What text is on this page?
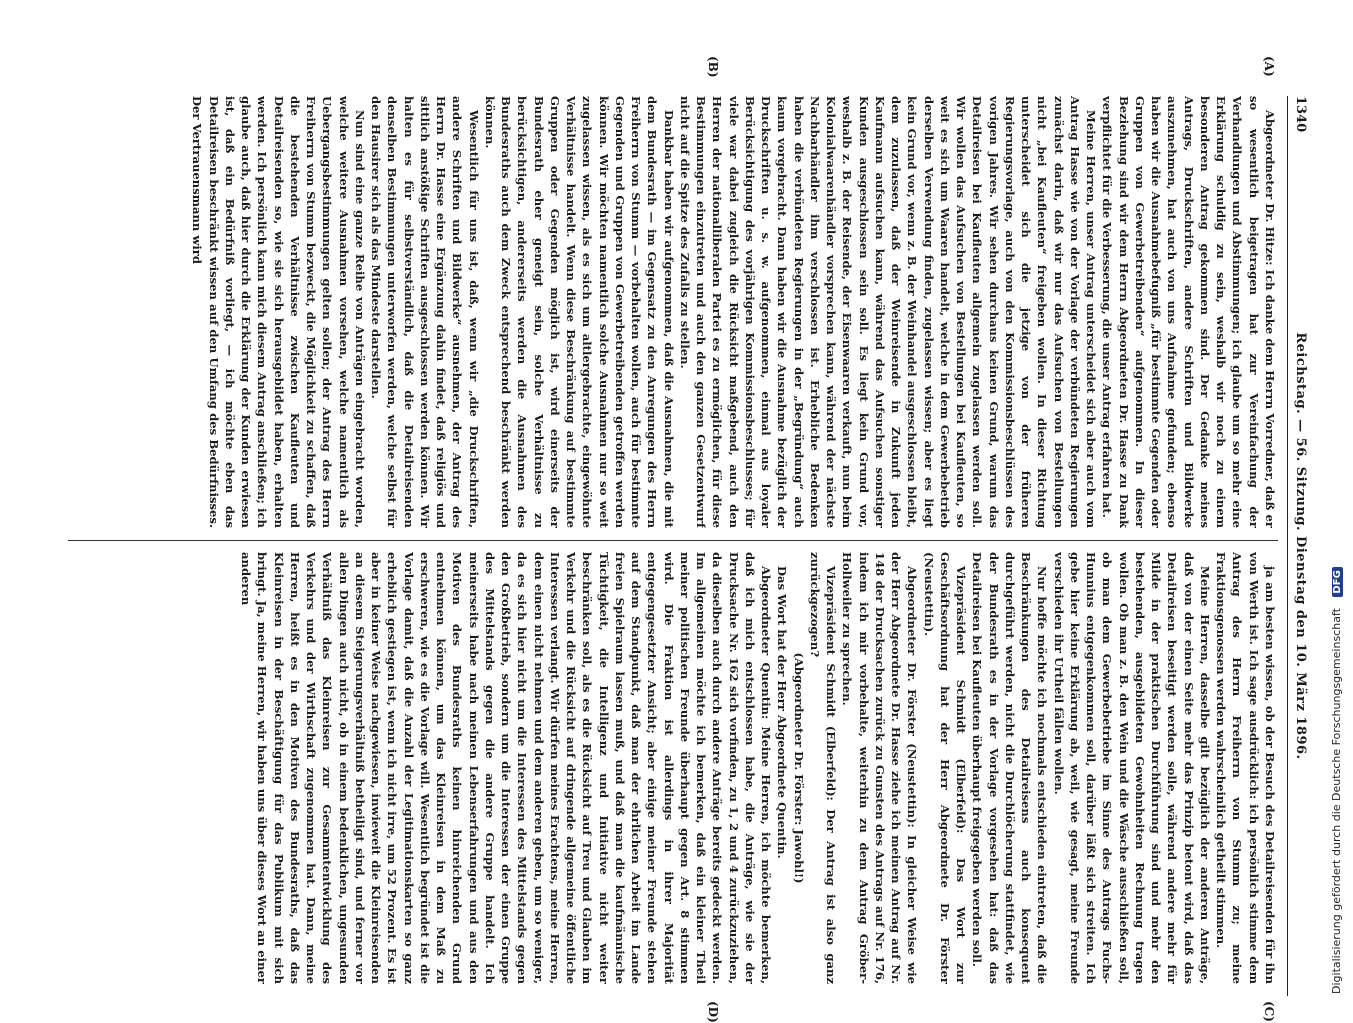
1340
Reichstag. — 56. Sitzung. Dienstag den 10. März 1896.
(A)
(B)
(C)
(D)

Abgeordneter Dr. Hitze: Ich danke dem Herrn Vorredner, daß er so wesentlich beigetragen hat zur Vereinfachung der Verhandlungen und Abstimmungen; ich glaube um so mehr eine Erklärung schuldig zu sein, weshalb wir noch zu einem besonderen Antrag gekommen sind. Der Gedanke meines Antrags, Druckschriften, andere Schriften und Bildwerke auszunehmen, hat auch von uns Aufnahme gefunden; ebenso haben wir die Ausnahmebefugniß „für bestimmte Gegenden oder Gruppen von Gewerbetreibenden“ aufgenommen. In dieser Beziehung sind wir dem Herrn Abgeordneten Dr. Hasse zu Dank verpflichtet für die Verbesserung, die unser Antrag erfahren hat.

Meine Herren, unser Antrag unterscheidet sich aber auch vom Antrag Hasse wie von der Vorlage der verbündeten Regierungen zunächst darin, daß wir nur das Aufsuchen von Bestellungen nicht „bei Kaufleuten“ freigeben wollen. In dieser Richtung unterscheidet sich die jetzige von der früheren Regierungsvorlage, auch von den Kommissionsbeschlüssen des vorigen Jahres. Wir sehen durchaus keinen Grund, warum das Detailreisen bei Kaufleuten allgemein zugelassen werden soll. Wir wollen das Aufsuchen von Bestellungen bei Kaufleuten, so weit es sich um Waaren handelt, welche in dem Gewerbebetrieb derselben Verwendung finden, zugelassen wissen; aber es liegt kein Grund vor, wenn z. B. der Weinhandel ausgeschlossen bleibt, dem zuzulassen, daß der Weinreisende in Zukunft jeden Kaufmann aufsuchen kann, während das Aufsuchen sonstiger Kunden ausgeschlossen sein soll. Es liegt kein Grund vor, weshalb z. B. der Reisende, der Eisenwaaren verkauft, nun beim Kolonialwaarenhändler vorsprechen kann, während der nächste Nachbarhändler ihm verschlossen ist. Erhebliche Bedenken haben die verbündeten Regierungen in der „Begründung“ auch kaum vorgebracht. Dann haben wir die Ausnahme bezüglich der Druckschriften u. s. w. aufgenommen, einmal aus loyaler Berücksichtigung des vorjährigen Kommissionsbeschlusses; für viele war dabei zugleich die Rücksicht maßgebend, auch den Herren der nationalliberalen Partei es zu ermöglichen, für diese Bestimmungen einzutreten und auch den ganzen Gesetzentwurf nicht auf die Spitze des Zufalls zu stellen.

Dankbar haben wir aufgenommen, daß die Ausnahmen, die mit dem Bundesrath — im Gegensatz zu den Anregungen des Herrn Freiherrn von Stumm — vorbehalten wollen, auch für bestimmte Gegenden und Gruppen von Gewerbetreibenden getroffen werden können. Wir möchten namentlich solche Ausnahmen nur so weit zugelassen wissen, als es sich um altlergebrachte, eingewöhnte Verhältnisse handelt. Wenn diese Beschränkung auf bestimmte Gruppen oder Gegenden möglich ist, wird einerseits der Bundesrath eher geneigt sein, solche Verhältnisse zu berücksichtigen, andererseits werden die Ausnahmen des Bundesraths auch dem Zweck entsprechend beschränkt werden können.

Wesentlich für uns ist, daß, wenn wir „die Druckschriften, andere Schriften und Bildwerke“ ausnehmen, der Antrag des Herrn Dr. Hasse eine Ergänzung dahin findet, daß religiös und sittlich anstößige Schriften ausgeschlossen werden können. Wir halten es für selbstverständlich, daß die Detailreisenden denselben Bestimmungen unterworfen werden, welche selbst für den Hausirer sich als das Mindeste darstellen.

Nun sind eine ganze Reihe von Anträgen eingebracht worden, welche weitere Ausnahmen vorsehen, welche namentlich als Uebergangsbestimmungen gelten sollen; der Antrag des Herrn Freiherrn von Stumm bezweckt, die Möglichkeit zu schaffen, daß die bestehenden Verhältnisse zwischen Kaufleuten und Detailreisenden so, wie sie sich herausgebildet haben, erhalten werden. Ich persönlich kann mich diesem Antrag anschließen; ich glaube auch, daß hier durch die Erklärung der Kunden erwiesen ist, daß ein Bedürfniß vorliegt, — ich möchte eben das Detailreisen beschränkt wissen auf den Umfang des Bedürfnisses. Der Vertrauensmann wird

ja am besten wissen, ob der Besuch des Detailreisenden für ihn von Werth ist. Ich sage ausdrücklich: ich persönlich stimme dem Antrag des Herrn Freiherrn von Stumm zu; meine Fraktionsgenossen werden wahrscheinlich getheilt stimmen.

Meine Herren, dasselbe gilt bezüglich der anderen Anträge, daß von der einen Seite mehr das Prinzip betont wird, daß das Detailreisen beseitigt werden solle, während andere mehr für Milde in der praktischen Durchführung sind und mehr den bestehenden, ausgebildeten Gewohnheiten Rechnung tragen wollen. Ob man z. B. den Wein und die Wäsche ausschließen soll, ob man dem Gewerbebetriebe im Sinne des Antrags Fuchs-Hunnius entgegenkommen soll, darüber läßt sich streiten. Ich gebe hier keine Erklärung ab, weil, wie gesagt, meine Freunde verschieden ihr Urtheil fällen wollen.

Nur hoffe möchte ich nochmals entschieden eintreten, daß die Beschränkungen des Detailreisens auch konsequent durchgeführt werden, nicht die Durchlöcherung stattfindet, wie der Bundesrath es in der Vorlage vorgesehen hat: daß das Detailreisen bei Kaufleuten überhaupt freigegeben werden soll.

Vizepräsident Schmidt (Elberfeld): Das Wort zur Geschäftsordnung hat der Herr Abgeordnete Dr. Förster (Neustettin).

Abgeordneter Dr. Förster (Neustettin): In gleicher Weise wie der Herr Abgeordnete Dr. Hasse ziehe ich meinen Antrag auf Nr. 148 der Drucksachen zurück zu Gunsten des Antrags auf Nr. 176, indem ich mir vorbehalte, weiterhin zu dem Antrag Gröber-Hollweiler zu sprechen.

Vizepräsident Schmidt (Elberfeld): Der Antrag ist also ganz zurückgezogen?

(Abgeordneter Dr. Förster: Jawohl!)

Das Wort hat der Herr Abgeordnete Quentin.

Abgeordneter Quentin: Meine Herren, ich möchte bemerken, daß ich mich entschlossen habe, die Anträge, wie sie der Drucksache Nr. 162 sich vorfinden, zu 1, 2 und 4 zurückzuziehen, da dieselben auch durch andere Anträge bereits gedeckt werden. Im allgemeinen möchte ich bemerken, daß ein kleiner Theil meiner politischen Freunde überhaupt gegen Art. 8 stimmen wird. Die Fraktion ist allerdings in ihrer Majorität entgegengesetzter Ansicht; aber einige meiner Freunde stehen auf dem Standpunkt, daß man der ehrlichen Arbeit im Lande freien Spielraum lassen muß, und daß man die kaufmännische Tüchtigkeit, die Intelligenz und Initiative nicht weiter beschränken soll, als es die Rücksicht auf Treu und Glauben im Verkehr und die Rücksicht auf dringende allgemeine öffentliche Interessen verlangt. Wir dürfen meines Erachtens, meine Herren, dem einen nicht nehmen und dem anderen geben, um so weniger, da es sich hier nicht um die Interessen des Mittelstands gegen den Großbetrieb, sondern um die Interessen der einen Gruppe des Mittelstands gegen die andere Gruppe handelt. Ich meinerseits habe nach meinen Lebenserfahrungen und aus den Motiven des Bundesraths keinen hinreichenden Grund entnehmen können, um das Kleinreisen in dem Maß zu erschweren, wie es die Vorlage will. Wesentlich begründet ist die Vorlage damit, daß die Anzahl der Legitimationskarten so ganz erheblich gestiegen ist, wenn ich nicht irre, um 52 Prozent. Es ist aber in keiner Weise nachgewiesen, inwieweit die Kleinreisenden an diesem Steigerungsverhältniß betheiligt sind, und ferner vor allen Dingen auch nicht, ob in einem bedenklichen, ungesunden Verhältniß das Kleinreisen zur Gesammtentwicklung des Verkehrs und der Wirthschaft zugenommen hat. Dann, meine Herren, heißt es in den Motiven des Bundesraths, daß das Kleinreisen in der Beschäftigung für das Publikum mit sich bringt. Ja, meine Herren, wir haben uns über dieses Wort an einer anderen

Digitalisierung gefördert durch die Deutsche Forschungsgemeinschaft DFG
